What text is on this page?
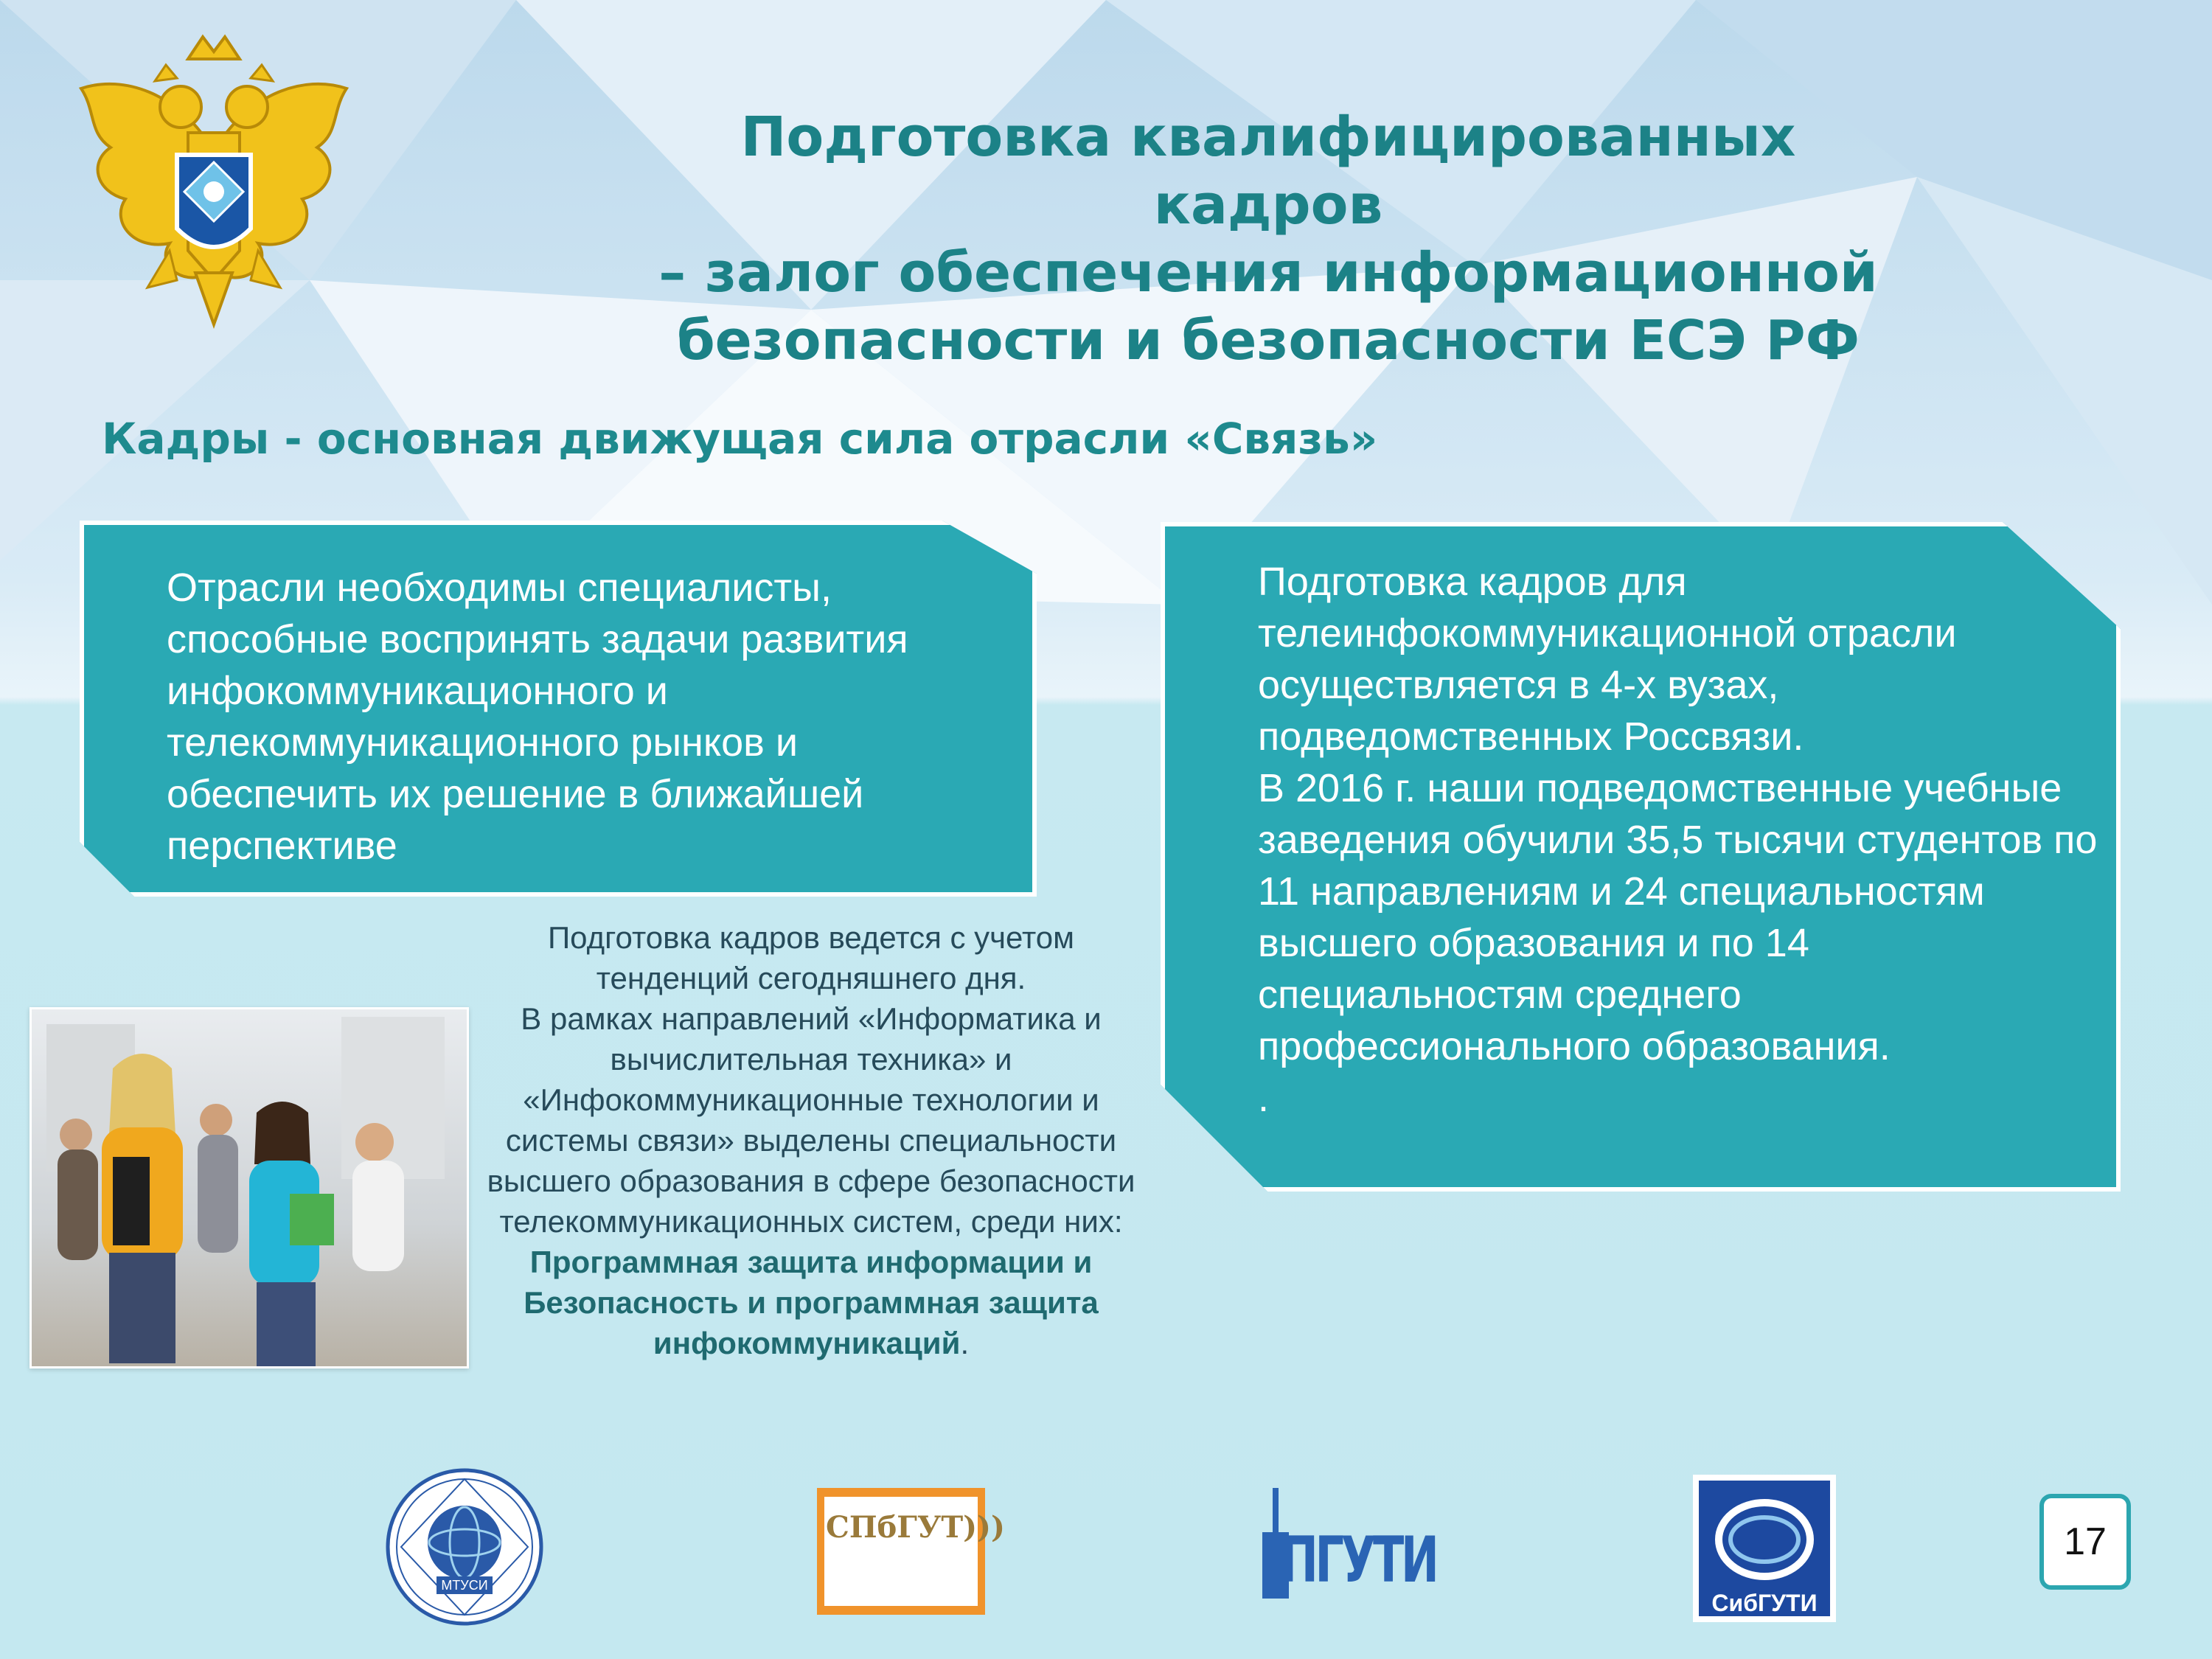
Подготовка квалифицированных кадров
– залог обеспечения информационной
безопасности и безопасности ЕСЭ РФ
Кадры - основная движущая сила отрасли «Связь»
Отрасли необходимы специалисты, способные воспринять задачи развития инфокоммуникационного и телекоммуникационного рынков и обеспечить их решение в ближайшей перспективе
Подготовка кадров для телеинфокоммуникационной отрасли осуществляется в 4-х вузах, подведомственных Россвязи.
В 2016 г. наши подведомственные учебные заведения обучили 35,5 тысячи студентов по 11 направлениям и 24 специальностям высшего образования и по 14 специальностям среднего профессионального образования.
.
Подготовка кадров ведется с учетом тенденций сегодняшнего дня.
В рамках направлений «Информатика и вычислительная техника» и «Инфокоммуникационные технологии и системы связи» выделены специальности высшего образования в сфере безопасности телекоммуникационных систем, среди них: Программная защита информации и
Безопасность и программная защита инфокоммуникаций.
МТУСИ
СПбГУТ)))	ПГУТИ
СибГУТИ
17
